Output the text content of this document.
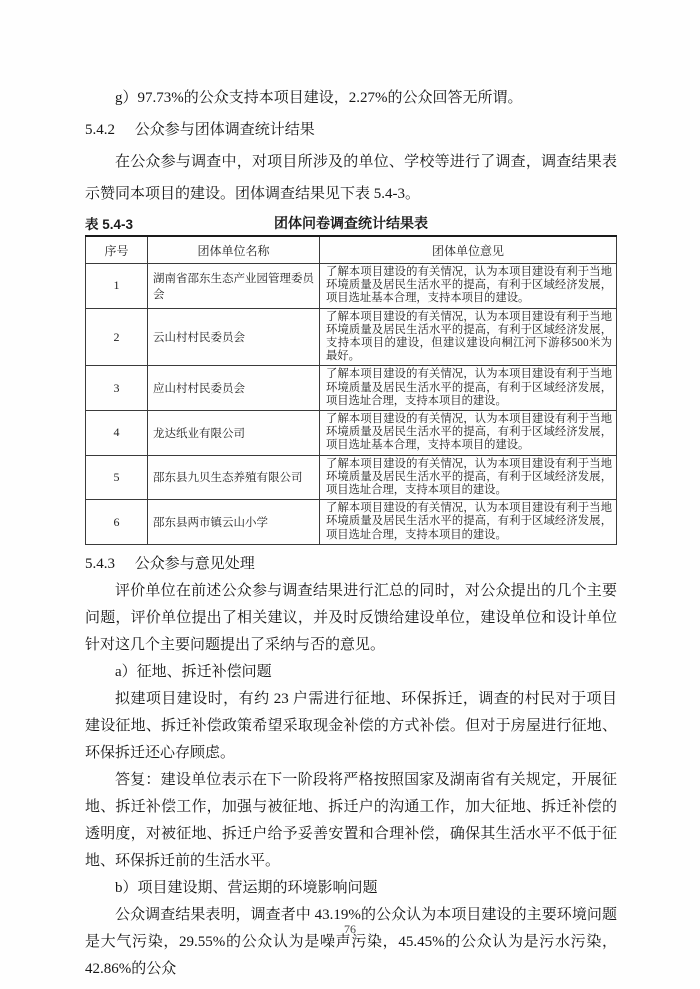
g）97.73%的公众支持本项目建设，2.27%的公众回答无所谓。

5.4.2 公众参与团体调查统计结果

在公众参与调查中，对项目所涉及的单位、学校等进行了调查，调查结果表示赞同本项目的建设。团体调查结果见下表 5.4-3。

表 5.4-3	团体问卷调查统计结果表
序号	团体单位名称	团体单位意见
1	湖南省邵东生态产业园管理委员会	了解本项目建设的有关情况，认为本项目建设有利于当地环境质量及居民生活水平的提高，有利于区域经济发展，项目选址基本合理，支持本项目的建设。
2	云山村村民委员会	了解本项目建设的有关情况，认为本项目建设有利于当地环境质量及居民生活水平的提高，有利于区域经济发展，支持本项目的建设，但建议建设向桐江河下游移500米为最好。
3	应山村村民委员会	了解本项目建设的有关情况，认为本项目建设有利于当地环境质量及居民生活水平的提高，有利于区域经济发展，项目选址合理，支持本项目的建设。
4	龙达纸业有限公司	了解本项目建设的有关情况，认为本项目建设有利于当地环境质量及居民生活水平的提高，有利于区域经济发展，项目选址基本合理，支持本项目的建设。
5	邵东县九贝生态养殖有限公司	了解本项目建设的有关情况，认为本项目建设有利于当地环境质量及居民生活水平的提高，有利于区域经济发展，项目选址合理，支持本项目的建设。
6	邵东县两市镇云山小学	了解本项目建设的有关情况，认为本项目建设有利于当地环境质量及居民生活水平的提高，有利于区域经济发展，项目选址合理，支持本项目的建设。

5.4.3 公众参与意见处理

评价单位在前述公众参与调查结果进行汇总的同时，对公众提出的几个主要问题，评价单位提出了相关建议，并及时反馈给建设单位，建设单位和设计单位针对这几个主要问题提出了采纳与否的意见。

a）征地、拆迁补偿问题

拟建项目建设时，有约 23 户需进行征地、环保拆迁，调查的村民对于项目建设征地、拆迁补偿政策希望采取现金补偿的方式补偿。但对于房屋进行征地、环保拆迁还心存顾虑。

答复：建设单位表示在下一阶段将严格按照国家及湖南省有关规定，开展征地、拆迁补偿工作，加强与被征地、拆迁户的沟通工作，加大征地、拆迁补偿的透明度，对被征地、拆迁户给予妥善安置和合理补偿，确保其生活水平不低于征地、环保拆迁前的生活水平。

b）项目建设期、营运期的环境影响问题

公众调查结果表明，调查者中 43.19%的公众认为本项目建设的主要环境问题是大气污染，29.55%的公众认为是噪声污染，45.45%的公众认为是污水污染，42.86%的公众

76
